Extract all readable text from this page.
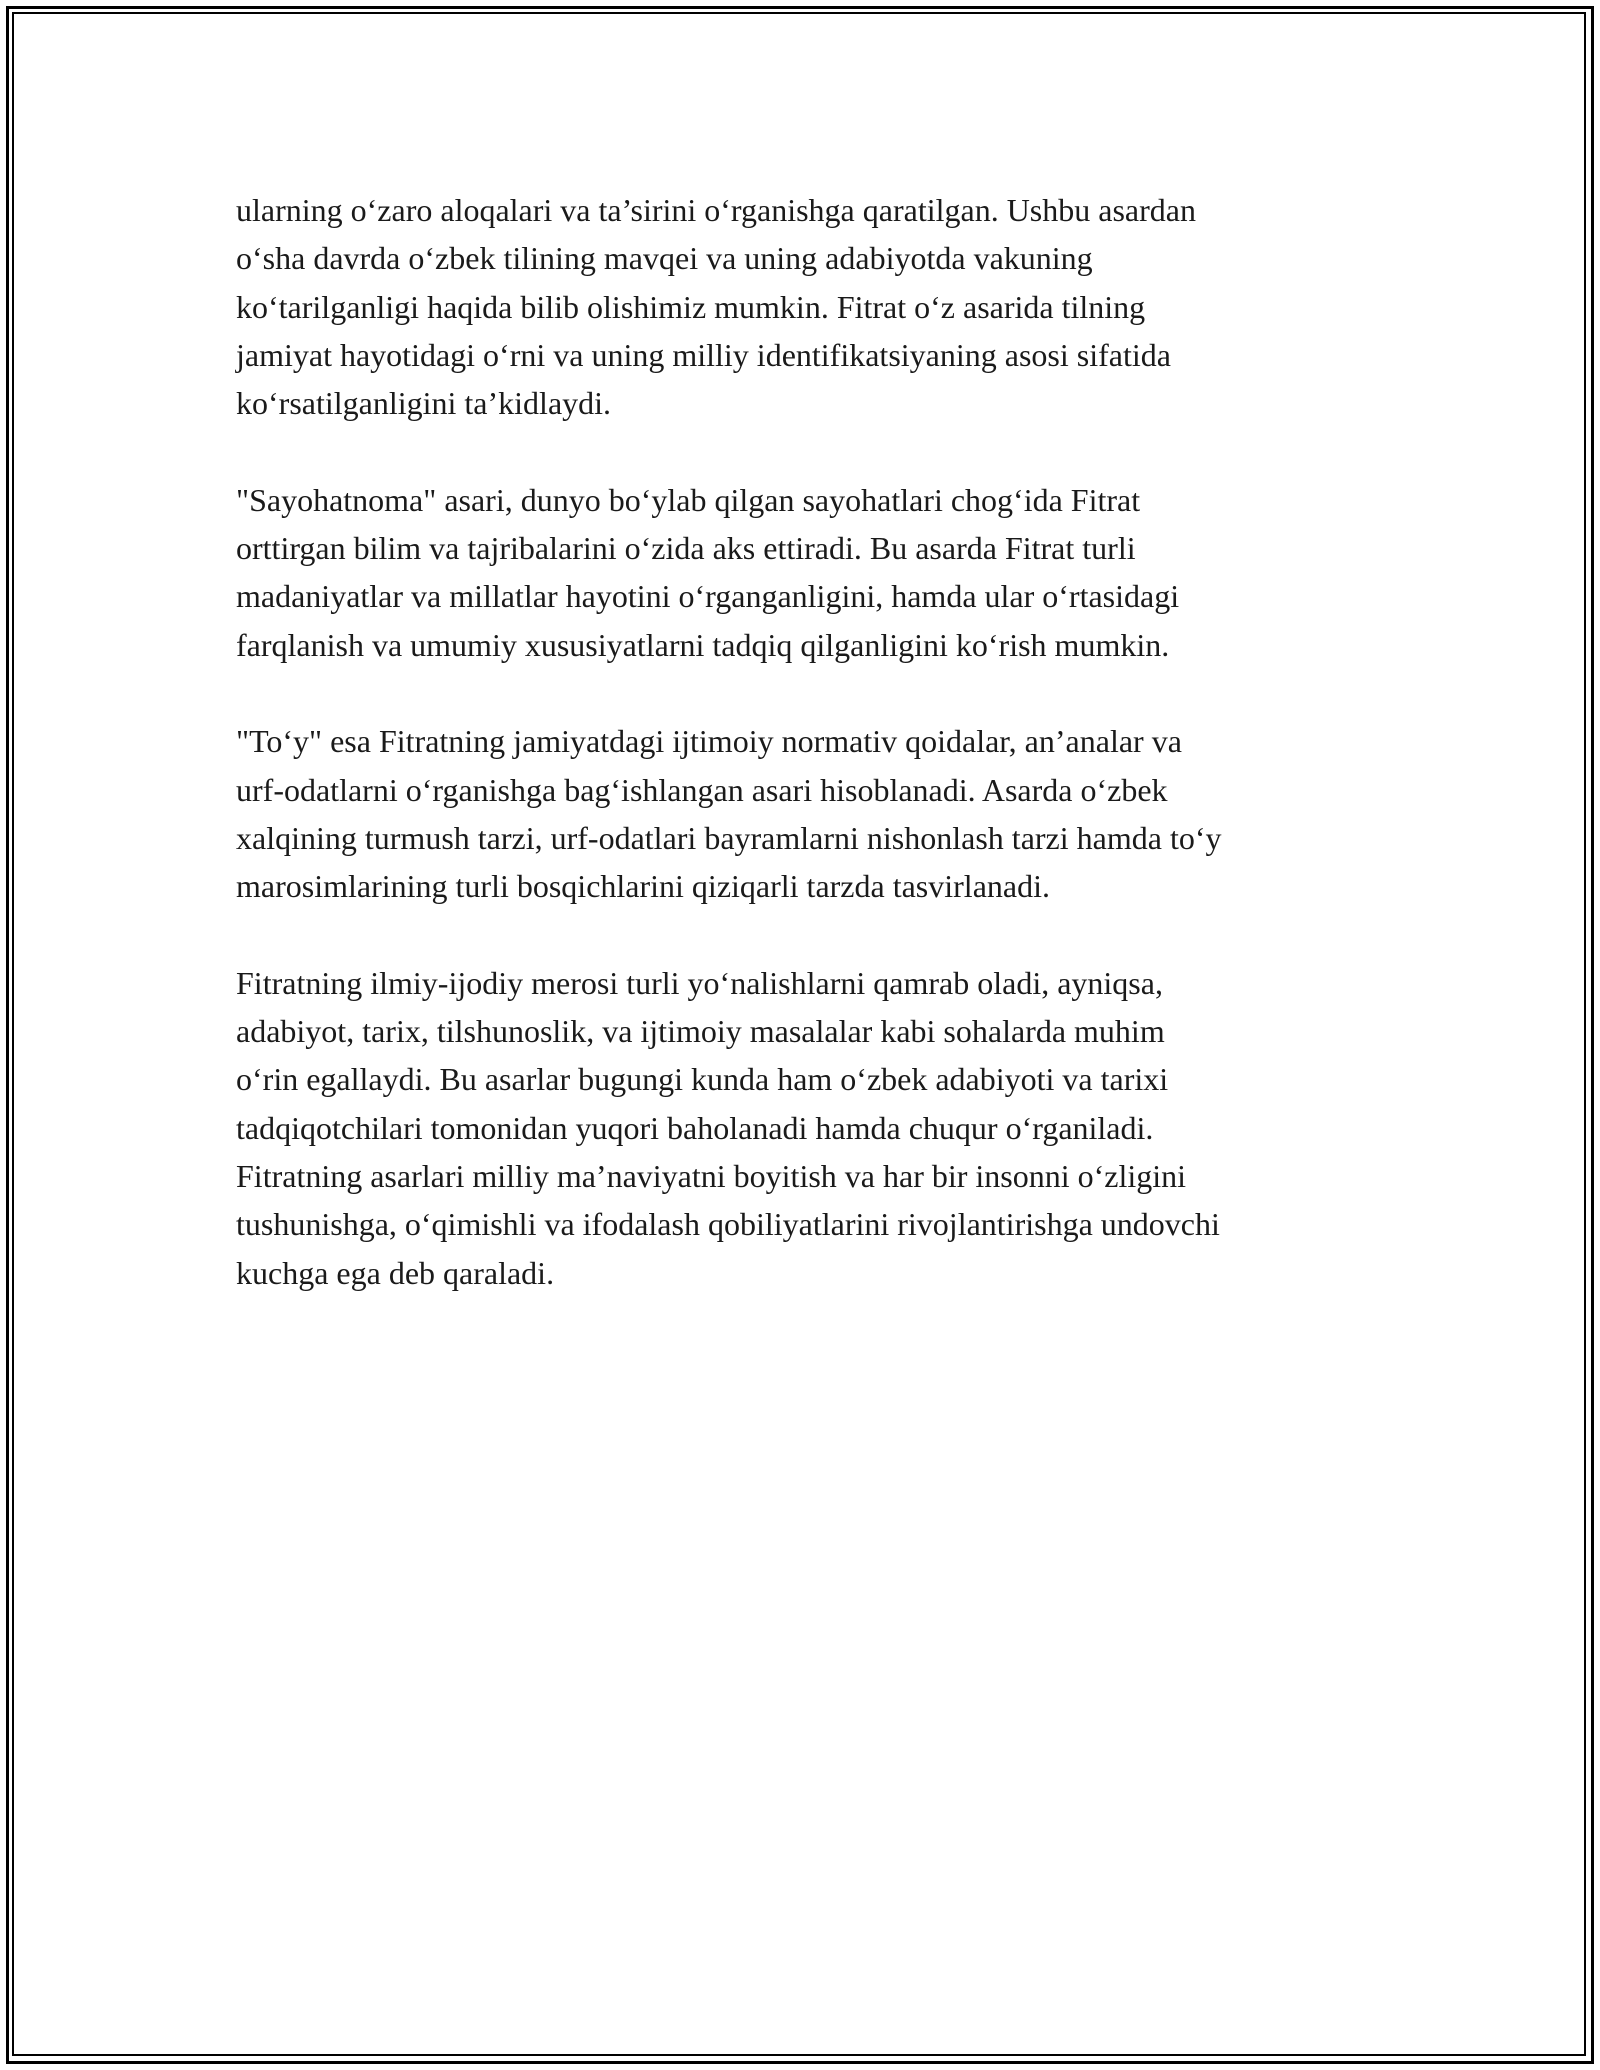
ularning o‘zaro aloqalari va ta’sirini o‘rganishga qaratilgan. Ushbu asardan
o‘sha davrda o‘zbek tilining mavqei va uning adabiyotda vakuning
ko‘tarilganligi haqida bilib olishimiz mumkin. Fitrat o‘z asarida tilning
jamiyat hayotidagi o‘rni va uning milliy identifikatsiyaning asosi sifatida
ko‘rsatilganligini ta’kidlaydi.

"Sayohatnoma" asari, dunyo bo‘ylab qilgan sayohatlari chog‘ida Fitrat
orttirgan bilim va tajribalarini o‘zida aks ettiradi. Bu asarda Fitrat turli
madaniyatlar va millatlar hayotini o‘rganganligini, hamda ular o‘rtasidagi
farqlanish va umumiy xususiyatlarni tadqiq qilganligini ko‘rish mumkin.

"To‘y" esa Fitratning jamiyatdagi ijtimoiy normativ qoidalar, an’analar va
urf-odatlarni o‘rganishga bag‘ishlangan asari hisoblanadi. Asarda o‘zbek
xalqining turmush tarzi, urf-odatlari bayramlarni nishonlash tarzi hamda to‘y
marosimlarining turli bosqichlarini qiziqarli tarzda tasvirlanadi.

Fitratning ilmiy-ijodiy merosi turli yo‘nalishlarni qamrab oladi, ayniqsa,
adabiyot, tarix, tilshunoslik, va ijtimoiy masalalar kabi sohalarda muhim
o‘rin egallaydi. Bu asarlar bugungi kunda ham o‘zbek adabiyoti va tarixi
tadqiqotchilari tomonidan yuqori baholanadi hamda chuqur o‘rganiladi.
Fitratning asarlari milliy ma’naviyatni boyitish va har bir insonni o‘zligini
tushunishga, o‘qimishli va ifodalash qobiliyatlarini rivojlantirishga undovchi
kuchga ega deb qaraladi.
